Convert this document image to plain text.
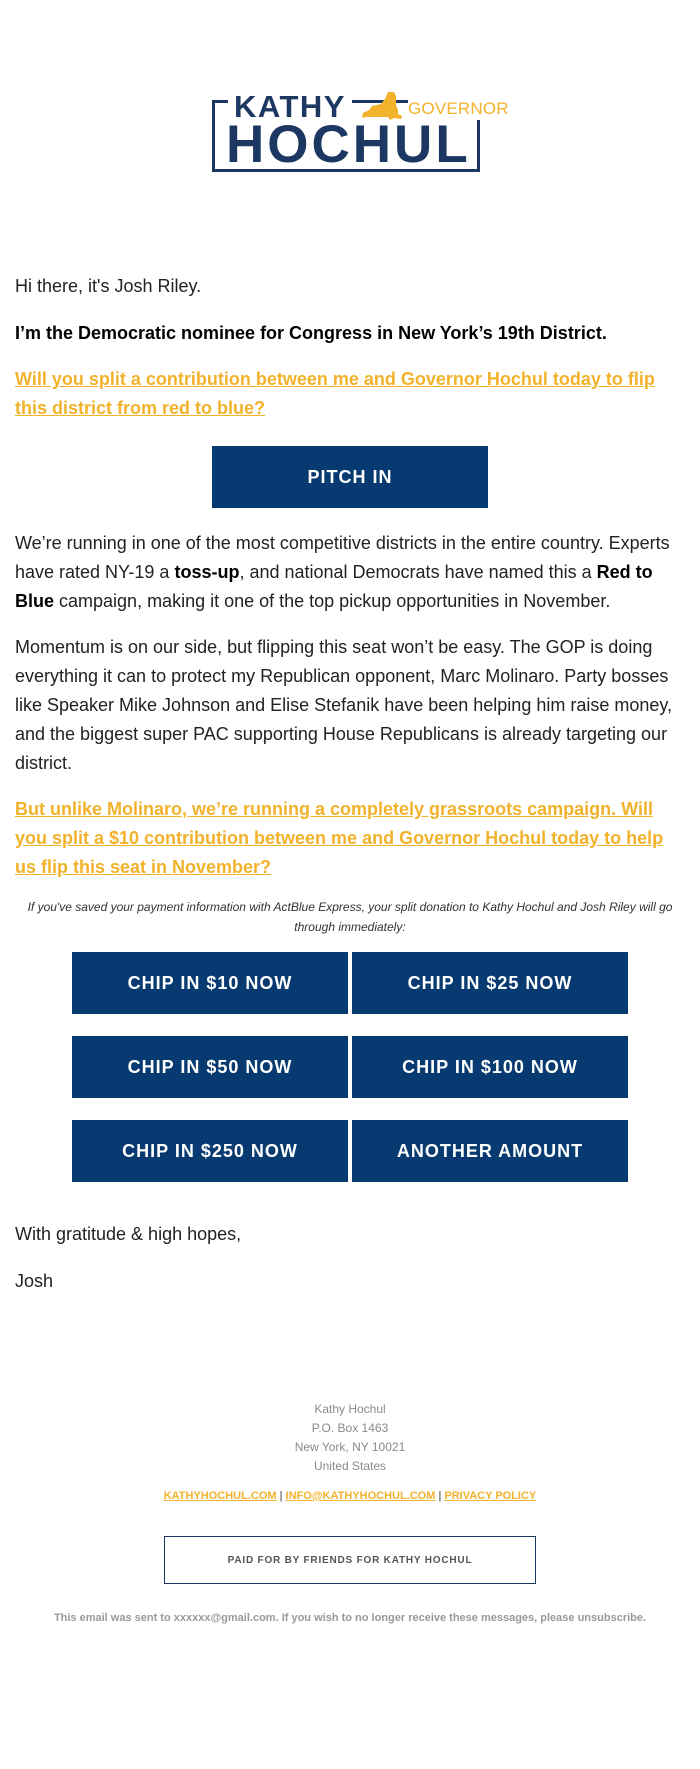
KATHY	GOVERNOR
HOCHUL

Hi there, it's Josh Riley.

I’m the Democratic nominee for Congress in New York’s 19th District.

Will you split a contribution between me and Governor Hochul today to flip this district from red to blue?

PITCH IN

We’re running in one of the most competitive districts in the entire country. Experts have rated NY-19 a toss-up, and national Democrats have named this a Red to Blue campaign, making it one of the top pickup opportunities in November.

Momentum is on our side, but flipping this seat won’t be easy. The GOP is doing everything it can to protect my Republican opponent, Marc Molinaro. Party bosses like Speaker Mike Johnson and Elise Stefanik have been helping him raise money, and the biggest super PAC supporting House Republicans is already targeting our district.

But unlike Molinaro, we’re running a completely grassroots campaign. Will you split a $10 contribution between me and Governor Hochul today to help us flip this seat in November?

If you've saved your payment information with ActBlue Express, your split donation to Kathy Hochul and Josh Riley will go through immediately:
CHIP IN $10 NOW	CHIP IN $25 NOW
CHIP IN $50 NOW	CHIP IN $100 NOW
CHIP IN $250 NOW	ANOTHER AMOUNT

With gratitude & high hopes,

Josh

Kathy Hochul
P.O. Box 1463
New York, NY 10021
United States
KATHYHOCHUL.COM | INFO@KATHYHOCHUL.COM | PRIVACY POLICY
PAID FOR BY FRIENDS FOR KATHY HOCHUL
This email was sent to xxxxxx@gmail.com. If you wish to no longer receive these messages, please unsubscribe.
